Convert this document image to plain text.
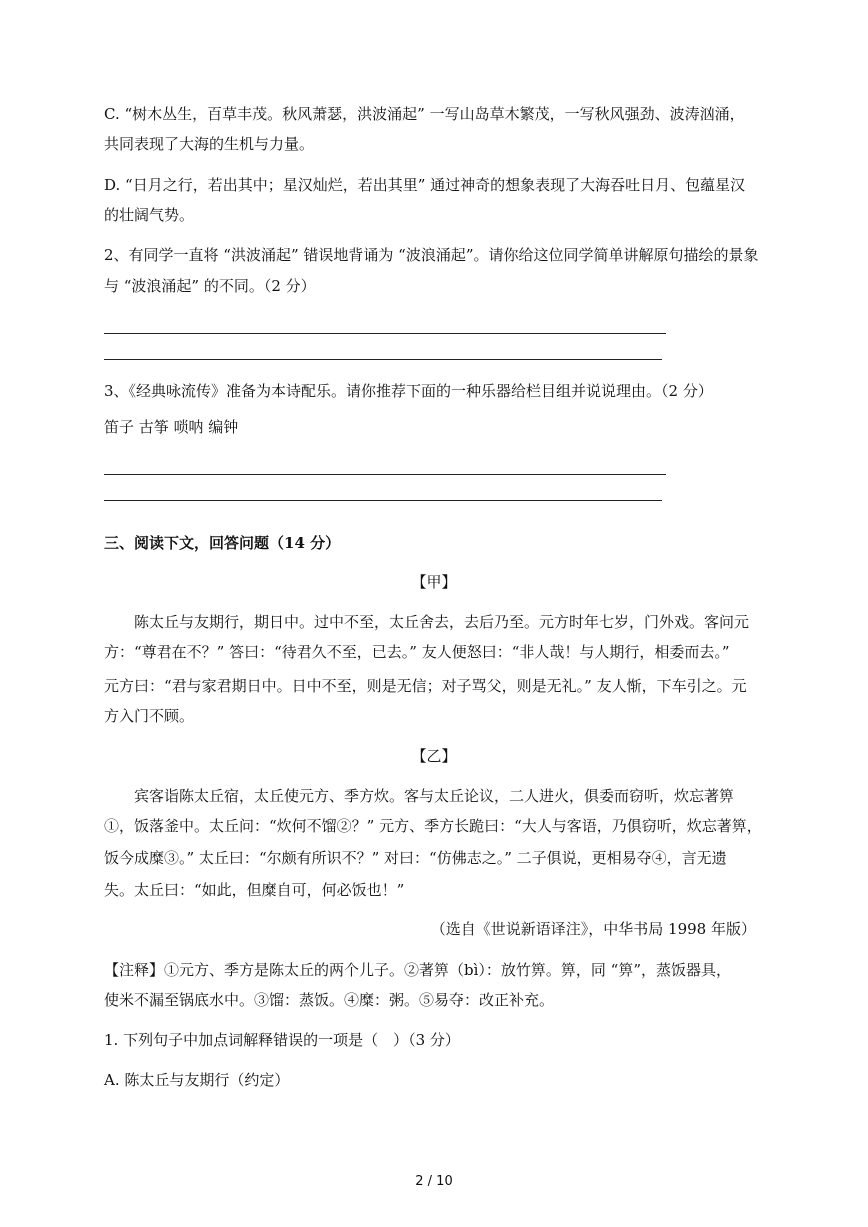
C. “树木丛生，百草丰茂。秋风萧瑟，洪波涌起” 一写山岛草木繁茂，一写秋风强劲、波涛汹涌，
共同表现了大海的生机与力量。
D. “日月之行，若出其中；星汉灿烂，若出其里” 通过神奇的想象表现了大海吞吐日月、包蕴星汉
的壮阔气势。
2、有同学一直将 “洪波涌起” 错误地背诵为 “波浪涌起”。请你给这位同学简单讲解原句描绘的景象
与 “波浪涌起” 的不同。（2 分）
3、《经典咏流传》准备为本诗配乐。请你推荐下面的一种乐器给栏目组并说说理由。（2 分）
笛子 古筝 唢呐 编钟
三、阅读下文，回答问题（14 分）
【甲】
陈太丘与友期行，期日中。过中不至，太丘舍去，去后乃至。元方时年七岁，门外戏。客问元
方：“尊君在不？” 答曰：“待君久不至，已去。” 友人便怒曰：“非人哉！与人期行，相委而去。”
元方曰：“君与家君期日中。日中不至，则是无信；对子骂父，则是无礼。” 友人惭，下车引之。元
方入门不顾。
【乙】
宾客诣陈太丘宿，太丘使元方、季方炊。客与太丘论议，二人进火，俱委而窃听，炊忘著箅
①，饭落釜中。太丘问：“炊何不馏②？” 元方、季方长跪曰：“大人与客语，乃俱窃听，炊忘著箅，
饭今成糜③。” 太丘曰：“尔颇有所识不？” 对曰：“仿佛志之。” 二子俱说，更相易夺④，言无遗
失。太丘曰：“如此，但糜自可，何必饭也！”
（选自《世说新语译注》，中华书局 1998 年版）
【注释】①元方、季方是陈太丘的两个儿子。②著箅（bì）：放竹箅。箅，同 “箅”，蒸饭器具，
使米不漏至锅底水中。③馏：蒸饭。④糜：粥。⑤易夺：改正补充。
1. 下列句子中加点词解释错误的一项是（　）（3 分）
A. 陈太丘与友期行（约定）
2 / 10
